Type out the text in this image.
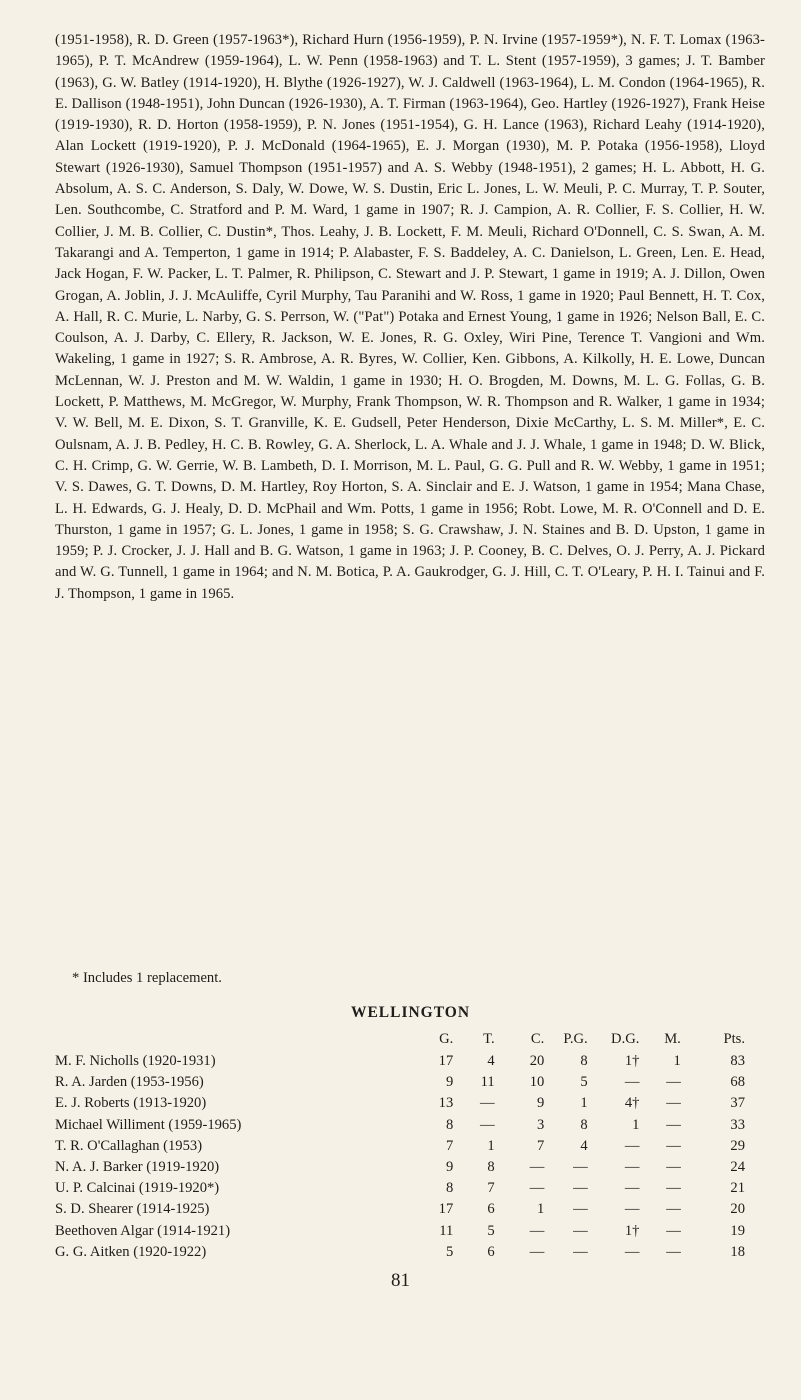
(1951-1958), R. D. Green (1957-1963*), Richard Hurn (1956-1959), P. N. Irvine (1957-1959*), N. F. T. Lomax (1963-1965), P. T. McAndrew (1959-1964), L. W. Penn (1958-1963) and T. L. Stent (1957-1959), 3 games; J. T. Bamber (1963), G. W. Batley (1914-1920), H. Blythe (1926-1927), W. J. Caldwell (1963-1964), L. M. Condon (1964-1965), R. E. Dallison (1948-1951), John Duncan (1926-1930), A. T. Firman (1963-1964), Geo. Hartley (1926-1927), Frank Heise (1919-1930), R. D. Horton (1958-1959), P. N. Jones (1951-1954), G. H. Lance (1963), Richard Leahy (1914-1920), Alan Lockett (1919-1920), P. J. McDonald (1964-1965), E. J. Morgan (1930), M. P. Potaka (1956-1958), Lloyd Stewart (1926-1930), Samuel Thompson (1951-1957) and A. S. Webby (1948-1951), 2 games; H. L. Abbott, H. G. Absolum, A. S. C. Anderson, S. Daly, W. Dowe, W. S. Dustin, Eric L. Jones, L. W. Meuli, P. C. Murray, T. P. Souter, Len. Southcombe, C. Stratford and P. M. Ward, 1 game in 1907; R. J. Campion, A. R. Collier, F. S. Collier, H. W. Collier, J. M. B. Collier, C. Dustin*, Thos. Leahy, J. B. Lockett, F. M. Meuli, Richard O'Donnell, C. S. Swan, A. M. Takarangi and A. Temperton, 1 game in 1914; P. Alabaster, F. S. Baddeley, A. C. Danielson, L. Green, Len. E. Head, Jack Hogan, F. W. Packer, L. T. Palmer, R. Philipson, C. Stewart and J. P. Stewart, 1 game in 1919; A. J. Dillon, Owen Grogan, A. Joblin, J. J. McAuliffe, Cyril Murphy, Tau Paranihi and W. Ross, 1 game in 1920; Paul Bennett, H. T. Cox, A. Hall, R. C. Murie, L. Narby, G. S. Perrson, W. ("Pat") Potaka and Ernest Young, 1 game in 1926; Nelson Ball, E. C. Coulson, A. J. Darby, C. Ellery, R. Jackson, W. E. Jones, R. G. Oxley, Wiri Pine, Terence T. Vangioni and Wm. Wakeling, 1 game in 1927; S. R. Ambrose, A. R. Byres, W. Collier, Ken. Gibbons, A. Kilkolly, H. E. Lowe, Duncan McLennan, W. J. Preston and M. W. Waldin, 1 game in 1930; H. O. Brogden, M. Downs, M. L. G. Follas, G. B. Lockett, P. Matthews, M. McGregor, W. Murphy, Frank Thompson, W. R. Thompson and R. Walker, 1 game in 1934; V. W. Bell, M. E. Dixon, S. T. Granville, K. E. Gudsell, Peter Henderson, Dixie McCarthy, L. S. M. Miller*, E. C. Oulsnam, A. J. B. Pedley, H. C. B. Rowley, G. A. Sherlock, L. A. Whale and J. J. Whale, 1 game in 1948; D. W. Blick, C. H. Crimp, G. W. Gerrie, W. B. Lambeth, D. I. Morrison, M. L. Paul, G. G. Pull and R. W. Webby, 1 game in 1951; V. S. Dawes, G. T. Downs, D. M. Hartley, Roy Horton, S. A. Sinclair and E. J. Watson, 1 game in 1954; Mana Chase, L. H. Edwards, G. J. Healy, D. D. McPhail and Wm. Potts, 1 game in 1956; Robt. Lowe, M. R. O'Connell and D. E. Thurston, 1 game in 1957; G. L. Jones, 1 game in 1958; S. G. Crawshaw, J. N. Staines and B. D. Upston, 1 game in 1959; P. J. Crocker, J. J. Hall and B. G. Watson, 1 game in 1963; J. P. Cooney, B. C. Delves, O. J. Perry, A. J. Pickard and W. G. Tunnell, 1 game in 1964; and N. M. Botica, P. A. Gaukrodger, G. J. Hill, C. T. O'Leary, P. H. I. Tainui and F. J. Thompson, 1 game in 1965.

* Includes 1 replacement.
WELLINGTON
	G.	T.	C.	P.G.	D.G.	M.	Pts.
M. F. Nicholls (1920-1931)	17	4	20	8	1†	1	83
R. A. Jarden (1953-1956)	9	11	10	5	—	—	68
E. J. Roberts (1913-1920)	13	—	9	1	4†	—	37
Michael Williment (1959-1965)	8	—	3	8	1	—	33
T. R. O'Callaghan (1953)	7	1	7	4	—	—	29
N. A. J. Barker (1919-1920)	9	8	—	—	—	—	24
U. P. Calcinai (1919-1920*)	8	7	—	—	—	—	21
S. D. Shearer (1914-1925)	17	6	1	—	—	—	20
Beethoven Algar (1914-1921)	11	5	—	—	1†	—	19
G. G. Aitken (1920-1922)	5	6	—	—	—	—	18
81
